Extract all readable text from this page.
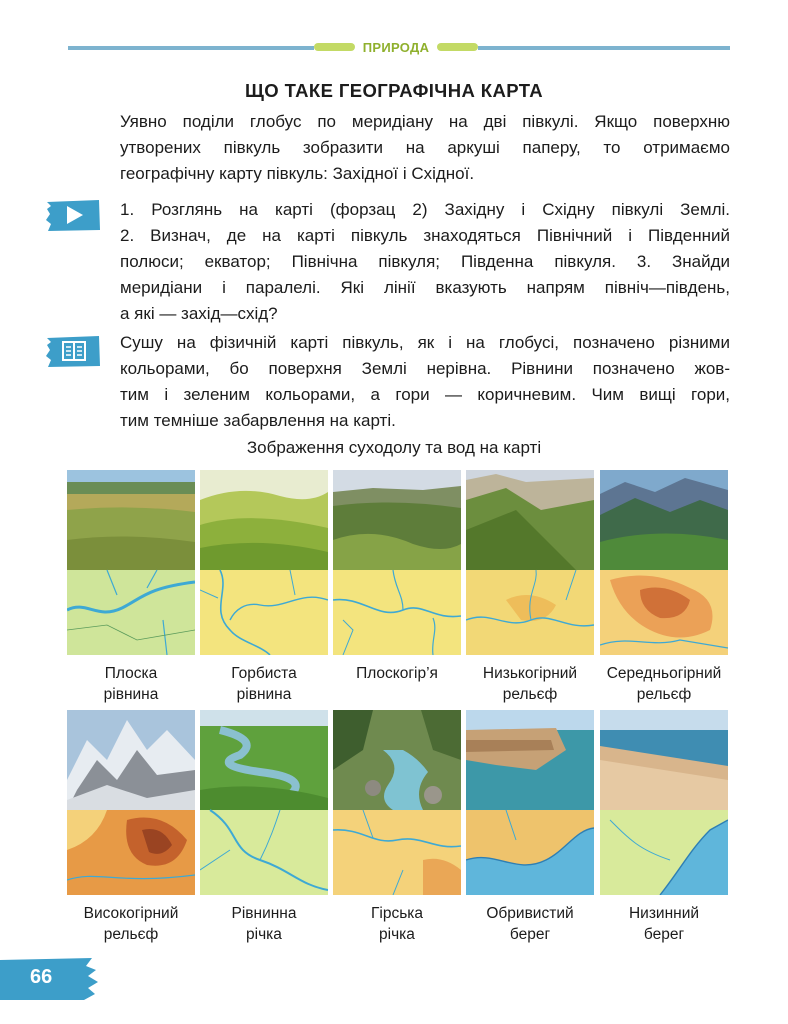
ПРИРОДА
ЩО ТАКЕ ГЕОГРАФІЧНА КАРТА
Уявно поділи глобус по меридіану на дві півкулі. Якщо поверхню
утворених півкуль зобразити на аркуші паперу, то отримаємо
географічну карту півкуль: Західної і Східної.
1. Розглянь на карті (форзац 2) Західну і Східну півкулі Землі.
2. Визнач, де на карті півкуль знаходяться Північний і Південний
полюси; екватор; Північна півкуля; Південна півкуля. 3. Знайди
меридіани і паралелі. Які лінії вказують напрям північ—південь,
а які — захід—схід?
Сушу на фізичній карті півкуль, як і на глобусі, позначено різними
кольорами, бо поверхня Землі нерівна. Рівнини позначено жов-
тим і зеленим кольорами, а гори — коричневим. Чим вищі гори,
тим темніше забарвлення на карті.
Зображення суходолу та вод на карті
Плоска
рівнина
Горбиста
рівнина
Плоскогір’я	Низькогірний
рельєф
Середньогірний
рельєф
Високогірний
рельєф
Рівнинна
річка
Гірська
річка
Обривистий
берег
Низинний
берег
66
